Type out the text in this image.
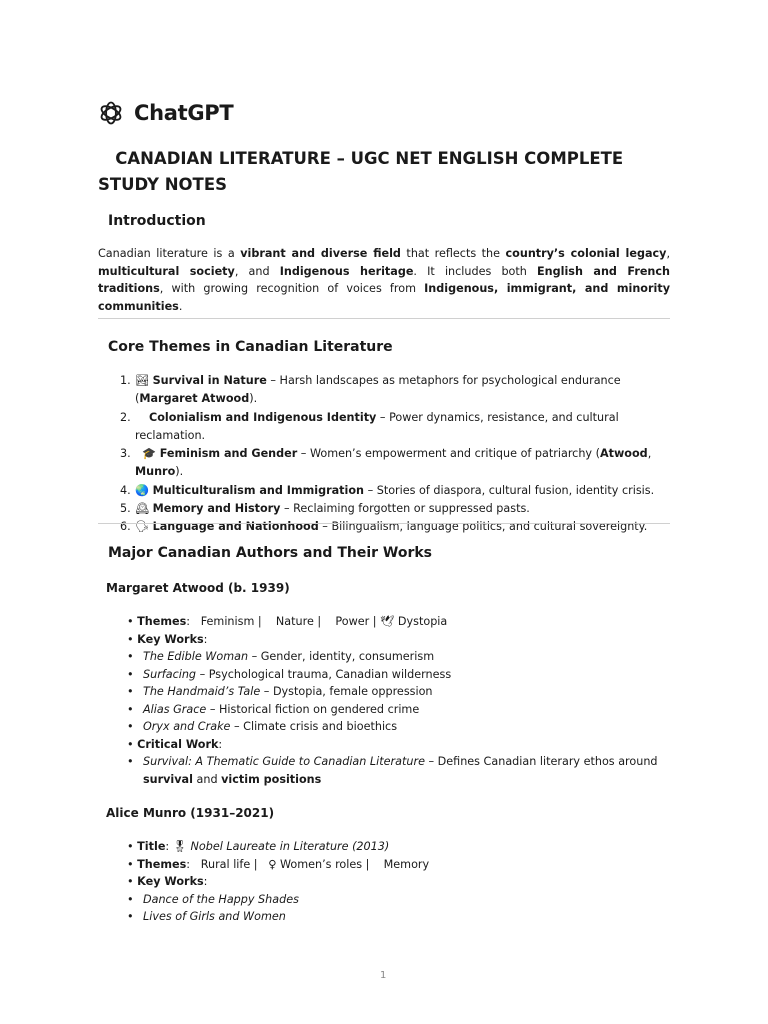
ChatGPT
CANADIAN LITERATURE – UGC NET ENGLISH COMPLETE STUDY NOTES
Introduction

Canadian literature is a vibrant and diverse field that reflects the country’s colonial legacy, multicultural society, and Indigenous heritage. It includes both English and French traditions, with growing recognition of voices from Indigenous, immigrant, and minority communities.

Core Themes in Canadian Literature
1. 🏞 Survival in Nature – Harsh landscapes as metaphors for psychological endurance (Margaret Atwood).
2.	Colonialism and Indigenous Identity – Power dynamics, resistance, and cultural reclamation.
3.	🎓 Feminism and Gender – Women’s empowerment and critique of patriarchy (Atwood, Munro).
4. 🌏 Multiculturalism and Immigration – Stories of diaspora, cultural fusion, identity crisis.
5. 🕰 Memory and History – Reclaiming forgotten or suppressed pasts.
6. 🗣 Language and Nationhood – Bilingualism, language politics, and cultural sovereignty.
Major Canadian Authors and Their Works
Margaret Atwood (b. 1939)
• Themes: Feminism | Nature | Power | 🕊 Dystopia
• Key Works:
• The Edible Woman – Gender, identity, consumerism
• Surfacing – Psychological trauma, Canadian wilderness
• The Handmaid’s Tale – Dystopia, female oppression
• Alias Grace – Historical fiction on gendered crime
• Oryx and Crake – Climate crisis and bioethics
• Critical Work:
• Survival: A Thematic Guide to Canadian Literature – Defines Canadian literary ethos around survival and victim positions
Alice Munro (1931–2021)
• Title: 🎖 Nobel Laureate in Literature (2013)
• Themes: Rural life | ♀ Women’s roles | Memory
• Key Works:
• Dance of the Happy Shades
• Lives of Girls and Women
1
